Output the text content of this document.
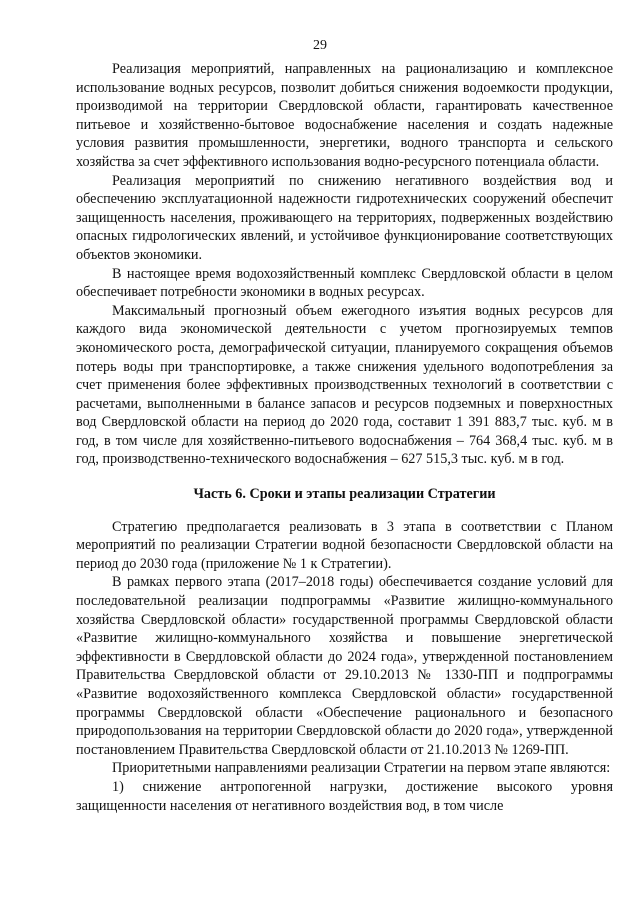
29

Реализация мероприятий, направленных на рационализацию и комплексное использование водных ресурсов, позволит добиться снижения водоемкости продукции, производимой на территории Свердловской области, гарантировать качественное питьевое и хозяйственно-бытовое водоснабжение населения и создать надежные условия развития промышленности, энергетики, водного транспорта и сельского хозяйства за счет эффективного использования водно-ресурсного потенциала области.

Реализация мероприятий по снижению негативного воздействия вод и обеспечению эксплуатационной надежности гидротехнических сооружений обеспечит защищенность населения, проживающего на территориях, подверженных воздействию опасных гидрологических явлений, и устойчивое функционирование соответствующих объектов экономики.

В настоящее время водохозяйственный комплекс Свердловской области в целом обеспечивает потребности экономики в водных ресурсах.

Максимальный прогнозный объем ежегодного изъятия водных ресурсов для каждого вида экономической деятельности с учетом прогнозируемых темпов экономического роста, демографической ситуации, планируемого сокращения объемов потерь воды при транспортировке, а также снижения удельного водопотребления за счет применения более эффективных производственных технологий в соответствии с расчетами, выполненными в балансе запасов и ресурсов подземных и поверхностных вод Свердловской области на период до 2020 года, составит 1 391 883,7 тыс. куб. м в год, в том числе для хозяйственно-питьевого водоснабжения – 764 368,4 тыс. куб. м в год, производственно-технического водоснабжения – 627 515,3 тыс. куб. м в год.

Часть 6. Сроки и этапы реализации Стратегии

Стратегию предполагается реализовать в 3 этапа в соответствии с Планом мероприятий по реализации Стратегии водной безопасности Свердловской области на период до 2030 года (приложение № 1 к Стратегии).

В рамках первого этапа (2017–2018 годы) обеспечивается создание условий для последовательной реализации подпрограммы «Развитие жилищно-коммунального хозяйства Свердловской области» государственной программы Свердловской области «Развитие жилищно-коммунального хозяйства и повышение энергетической эффективности в Свердловской области до 2024 года», утвержденной постановлением Правительства Свердловской области от 29.10.2013 № 1330-ПП и подпрограммы «Развитие водохозяйственного комплекса Свердловской области» государственной программы Свердловской области «Обеспечение рационального и безопасного природопользования на территории Свердловской области до 2020 года», утвержденной постановлением Правительства Свердловской области от 21.10.2013 № 1269-ПП.

Приоритетными направлениями реализации Стратегии на первом этапе являются:

1) снижение антропогенной нагрузки, достижение высокого уровня защищенности населения от негативного воздействия вод, в том числе
